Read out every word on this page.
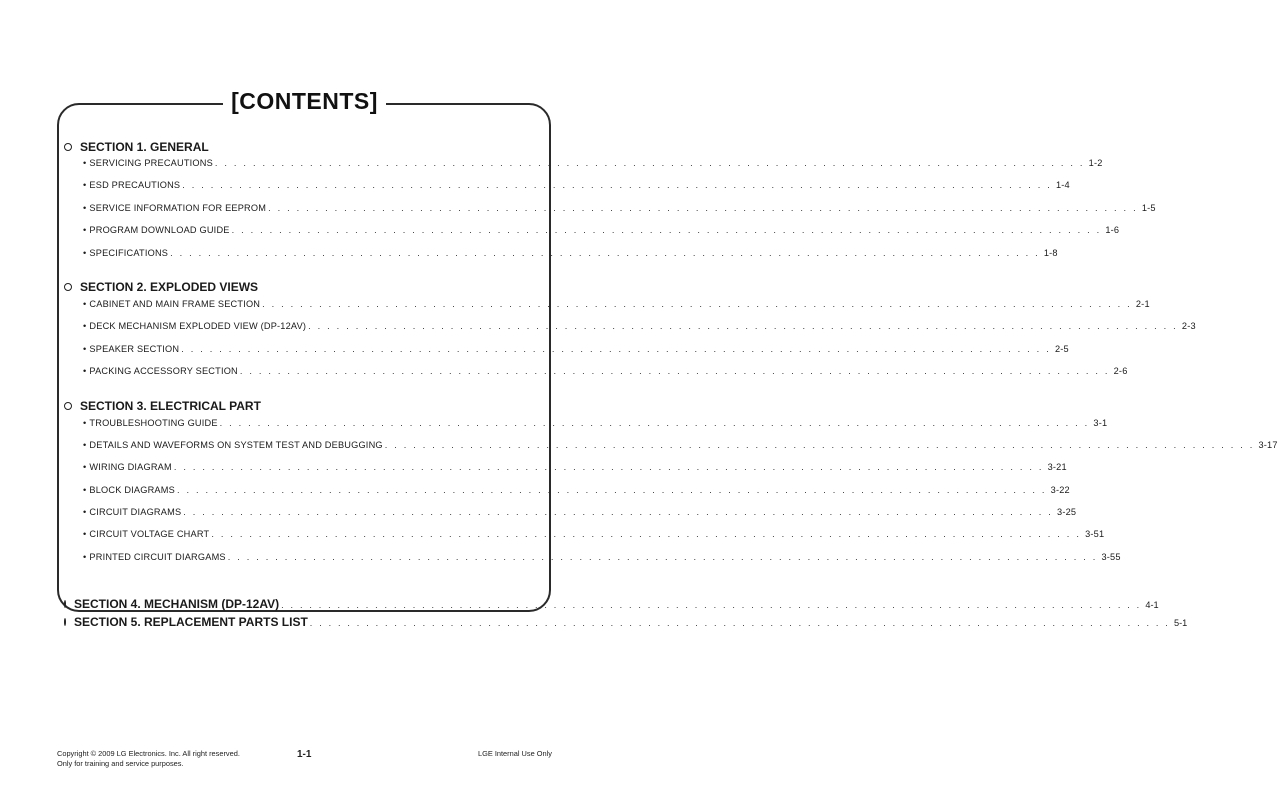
[CONTENTS]
SECTION 1. GENERAL
• SERVICING PRECAUTIONS . . . . . . . . . . . . . . . . . . . . . . . . . . . . . . . . . . . . . . . . . . . . . . . . . . . . . . . . . . . . . . . . . . . . . . . . . . . . . . . . . . . . . . . . . . . . 1-2
• ESD PRECAUTIONS . . . . . . . . . . . . . . . . . . . . . . . . . . . . . . . . . . . . . . . . . . . . . . . . . . . . . . . . . . . . . . . . . . . . . . . . . . . . . . . . . . . . . . . . . . . . 1-4
• SERVICE INFORMATION FOR EEPROM . . . . . . . . . . . . . . . . . . . . . . . . . . . . . . . . . . . . . . . . . . . . . . . . . . . . . . . . . . . . . . . . . . . . . . . . . . . . . . . . . . . . . . . . . . . . 1-5
• PROGRAM DOWNLOAD GUIDE . . . . . . . . . . . . . . . . . . . . . . . . . . . . . . . . . . . . . . . . . . . . . . . . . . . . . . . . . . . . . . . . . . . . . . . . . . . . . . . . . . . . . . . . . . . . 1-6
• SPECIFICATIONS . . . . . . . . . . . . . . . . . . . . . . . . . . . . . . . . . . . . . . . . . . . . . . . . . . . . . . . . . . . . . . . . . . . . . . . . . . . . . . . . . . . . . . . . . . . . 1-8
SECTION 2. EXPLODED VIEWS
• CABINET AND MAIN FRAME SECTION . . . . . . . . . . . . . . . . . . . . . . . . . . . . . . . . . . . . . . . . . . . . . . . . . . . . . . . . . . . . . . . . . . . . . . . . . . . . . . . . . . . . . . . . . . . . 2-1
• DECK MECHANISM EXPLODED VIEW (DP-12AV) . . . . . . . . . . . . . . . . . . . . . . . . . . . . . . . . . . . . . . . . . . . . . . . . . . . . . . . . . . . . . . . . . . . . . . . . . . . . . . . . . . . . . . . . . . . . 2-3
• SPEAKER SECTION . . . . . . . . . . . . . . . . . . . . . . . . . . . . . . . . . . . . . . . . . . . . . . . . . . . . . . . . . . . . . . . . . . . . . . . . . . . . . . . . . . . . . . . . . . . . 2-5
• PACKING ACCESSORY SECTION . . . . . . . . . . . . . . . . . . . . . . . . . . . . . . . . . . . . . . . . . . . . . . . . . . . . . . . . . . . . . . . . . . . . . . . . . . . . . . . . . . . . . . . . . . . . 2-6
SECTION 3. ELECTRICAL PART
• TROUBLESHOOTING GUIDE . . . . . . . . . . . . . . . . . . . . . . . . . . . . . . . . . . . . . . . . . . . . . . . . . . . . . . . . . . . . . . . . . . . . . . . . . . . . . . . . . . . . . . . . . . . . 3-1
• DETAILS AND WAVEFORMS ON SYSTEM TEST AND DEBUGGING . . . . . . . . . . . . . . . . . . . . . . . . . . . . . . . . . . . . . . . . . . . . . . . . . . . . . . . . . . . . . . . . . . . . . . . . . . . . . . . . . . . . . . . . . . . . 3-17
• WIRING DIAGRAM . . . . . . . . . . . . . . . . . . . . . . . . . . . . . . . . . . . . . . . . . . . . . . . . . . . . . . . . . . . . . . . . . . . . . . . . . . . . . . . . . . . . . . . . . . . . 3-21
• BLOCK DIAGRAMS . . . . . . . . . . . . . . . . . . . . . . . . . . . . . . . . . . . . . . . . . . . . . . . . . . . . . . . . . . . . . . . . . . . . . . . . . . . . . . . . . . . . . . . . . . . . 3-22
• CIRCUIT DIAGRAMS . . . . . . . . . . . . . . . . . . . . . . . . . . . . . . . . . . . . . . . . . . . . . . . . . . . . . . . . . . . . . . . . . . . . . . . . . . . . . . . . . . . . . . . . . . . . 3-25
• CIRCUIT VOLTAGE CHART . . . . . . . . . . . . . . . . . . . . . . . . . . . . . . . . . . . . . . . . . . . . . . . . . . . . . . . . . . . . . . . . . . . . . . . . . . . . . . . . . . . . . . . . . . . . 3-51
• PRINTED CIRCUIT DIARGAMS . . . . . . . . . . . . . . . . . . . . . . . . . . . . . . . . . . . . . . . . . . . . . . . . . . . . . . . . . . . . . . . . . . . . . . . . . . . . . . . . . . . . . . . . . . . . 3-55
SECTION 4. MECHANISM (DP-12AV) . . . . . . . . . . . . . . . . . . . . . . . . . . . . . . . . . . . . . . . . . . . . . . . . . . . . . . . . . . . . . . . . . . . . . . . . . . . . . . . . . . . . . . . . . . . . 4-1
SECTION 5. REPLACEMENT PARTS LIST . . . . . . . . . . . . . . . . . . . . . . . . . . . . . . . . . . . . . . . . . . . . . . . . . . . . . . . . . . . . . . . . . . . . . . . . . . . . . . . . . . . . . . . . . . . . 5-1
Copyright © 2009 LG Electronics. Inc. All right reserved.
Only for training and service purposes.
1-1	LGE Internal Use Only
